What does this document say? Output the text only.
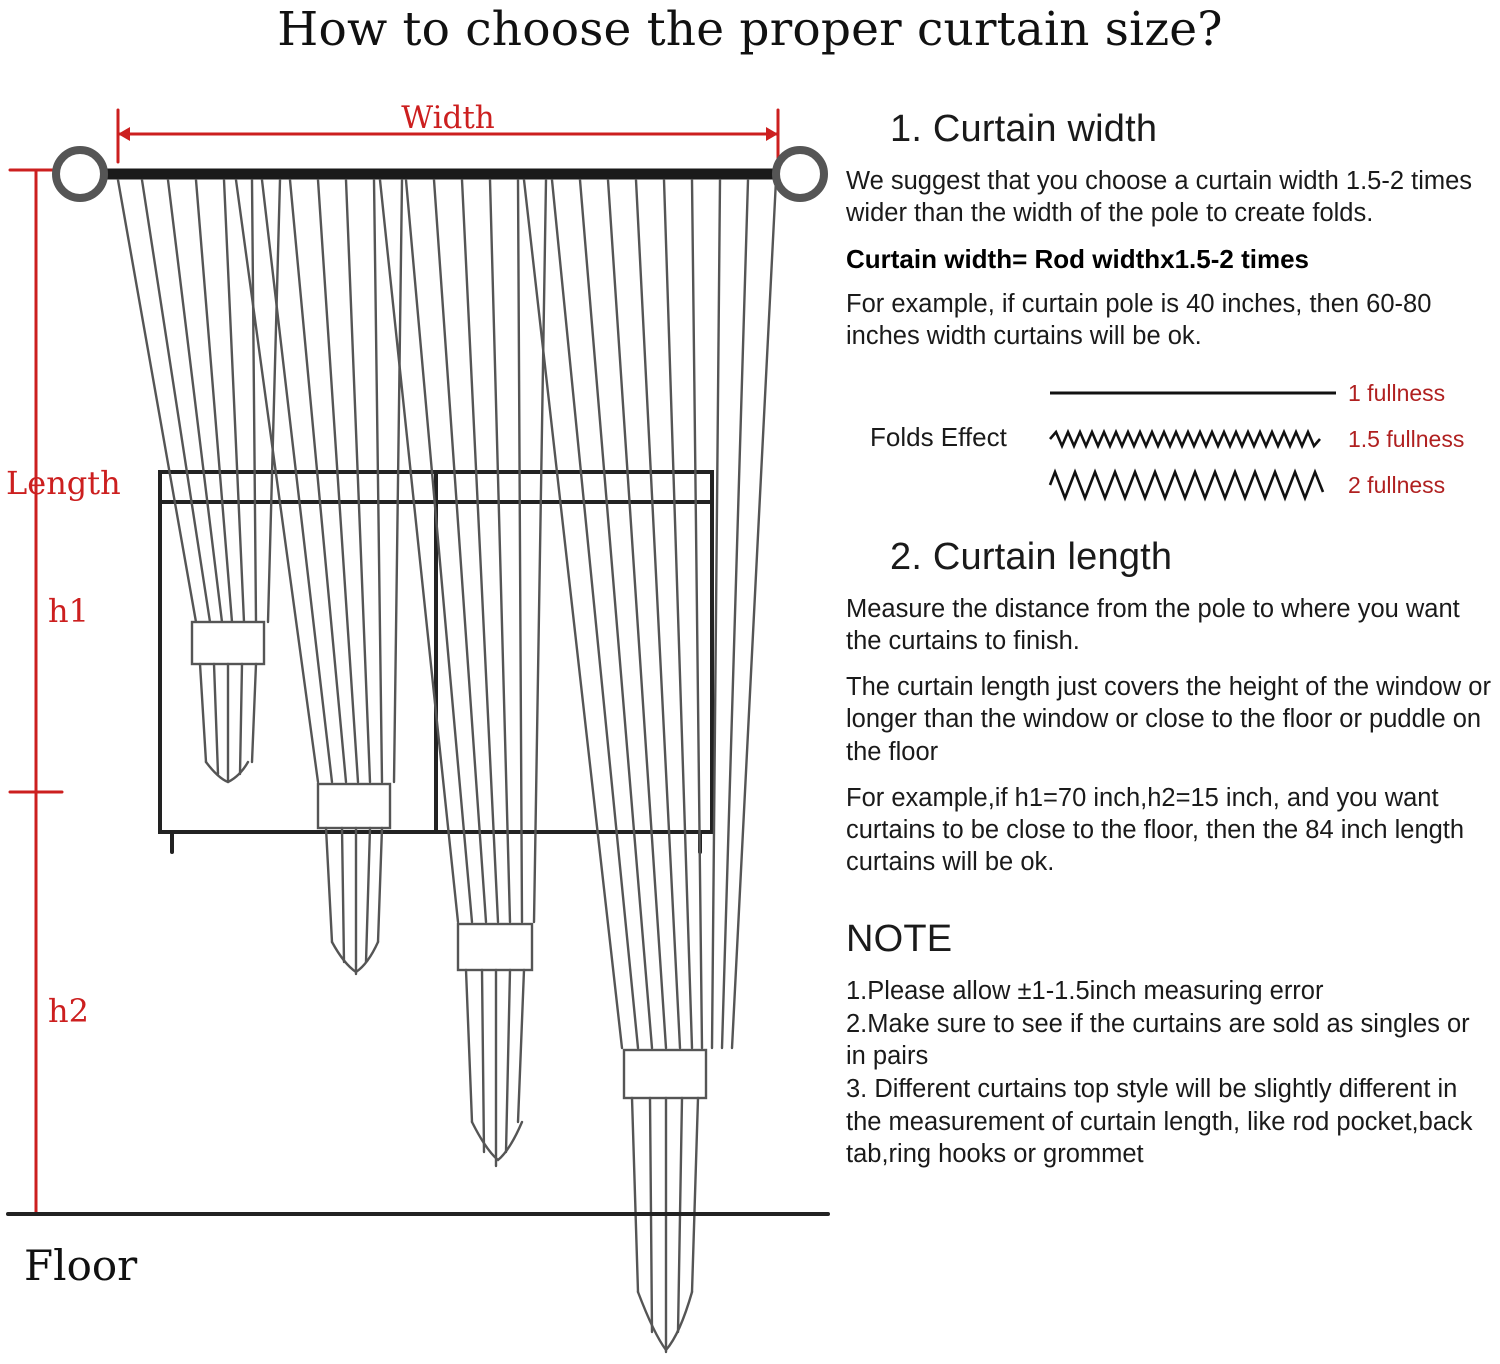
How to choose the proper curtain size?
Width
Length
h1
h2
Floor
1. Curtain width

We suggest that you choose a curtain width 1.5-2 times wider than the width of the pole to create folds.

Curtain width= Rod widthx1.5-2 times

For example, if curtain pole is 40 inches, then 60-80 inches width curtains will be ok.

Folds Effect
1 fullness
1.5 fullness
2 fullness
2. Curtain length

Measure the distance from the pole to where you want the curtains to finish.

The curtain length just covers the height of the window or longer than the window or close to the floor or puddle on the floor

For example,if h1=70 inch,h2=15 inch, and you want curtains to be close to the floor, then the 84 inch length curtains will be ok.

NOTE

1.Please allow ±1-1.5inch measuring error

2.Make sure to see if the curtains are sold as singles or in pairs

3. Different curtains top style will be slightly different in the measurement of curtain length, like rod pocket,back tab,ring hooks or grommet
